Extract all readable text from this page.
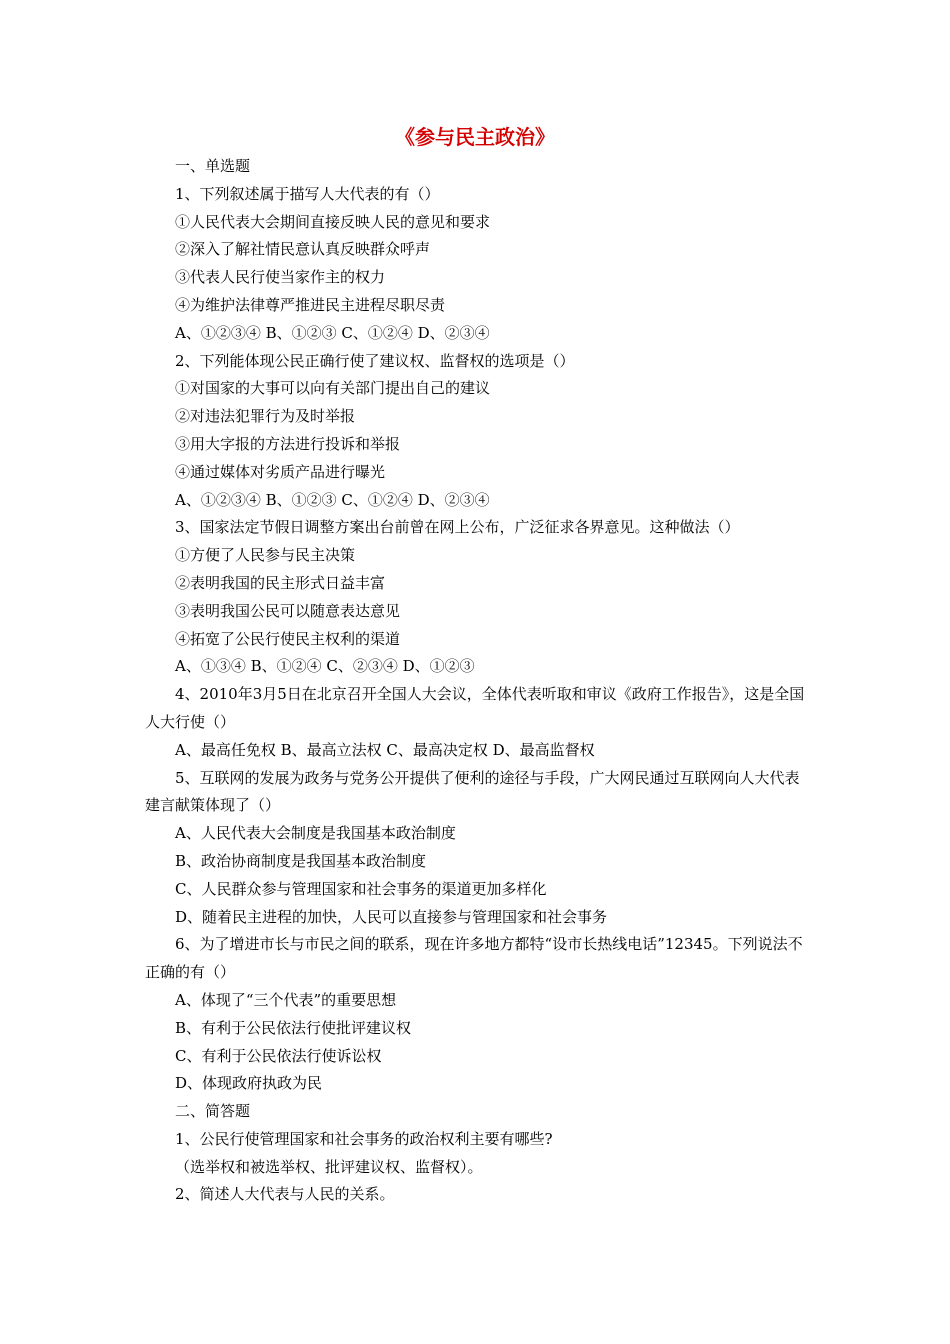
《参与民主政治》
一、单选题
1、下列叙述属于描写人大代表的有（）
①人民代表大会期间直接反映人民的意见和要求
②深入了解社情民意认真反映群众呼声
③代表人民行使当家作主的权力
④为维护法律尊严推进民主进程尽职尽责
A、①②③④ B、①②③ C、①②④ D、②③④
2、下列能体现公民正确行使了建议权、监督权的选项是（）
①对国家的大事可以向有关部门提出自己的建议
②对违法犯罪行为及时举报
③用大字报的方法进行投诉和举报
④通过媒体对劣质产品进行曝光
A、①②③④ B、①②③ C、①②④ D、②③④
3、国家法定节假日调整方案出台前曾在网上公布，广泛征求各界意见。这种做法（）
①方便了人民参与民主决策
②表明我国的民主形式日益丰富
③表明我国公民可以随意表达意见
④拓宽了公民行使民主权利的渠道
A、①③④ B、①②④ C、②③④ D、①②③
4、2010年3月5日在北京召开全国人大会议，全体代表听取和审议《政府工作报告》，这是全国人大行使（）
A、最高任免权 B、最高立法权 C、最高决定权 D、最高监督权
5、互联网的发展为政务与党务公开提供了便利的途径与手段，广大网民通过互联网向人大代表建言献策体现了（）
A、人民代表大会制度是我国基本政治制度
B、政治协商制度是我国基本政治制度
C、人民群众参与管理国家和社会事务的渠道更加多样化
D、随着民主进程的加快，人民可以直接参与管理国家和社会事务
6、为了增进市长与市民之间的联系，现在许多地方都特“设市长热线电话”12345。下列说法不正确的有（）
A、体现了“三个代表”的重要思想
B、有利于公民依法行使批评建议权
C、有利于公民依法行使诉讼权
D、体现政府执政为民
二、简答题
1、公民行使管理国家和社会事务的政治权利主要有哪些?
（选举权和被选举权、批评建议权、监督权）。
2、简述人大代表与人民的关系。
